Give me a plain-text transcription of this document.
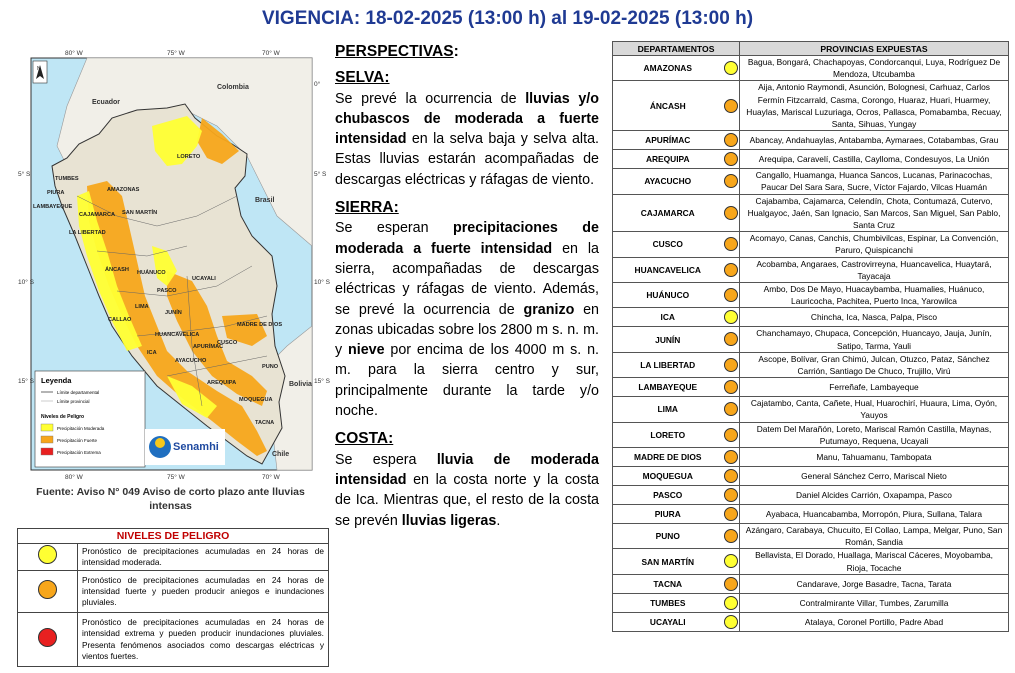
VIGENCIA: 18-02-2025 (13:00 h) al 19-02-2025 (13:00 h)
80° W	75° W	70° W
80° W	75° W	70° W
0°
5° S
10° S
15° S
5° S
10° S
15° S
Ecuador
Colombia
Brasil
Bolivia
Chile
TUMBES
PIURA
LAMBAYEQUE
CAJAMARCA
AMAZONAS
SAN MARTÍN
LORETO
LA LIBERTAD
ÁNCASH HUÁNUCO
UCAYALI
PASCO
LIMA
CALLAO
JUNÍN
HUANCAVELICA
ICA
AYACUCHO
APURÍMAC
CUSCO
MADRE DE DIOS
AREQUIPA
PUNO
MOQUEGUA
TACNA
N
Leyenda
Límite departamental
Límite provincial
Niveles de Peligro
Precipitación Moderada
Precipitación Fuerte
Precipitación Extrema	Senamhi
Fuente: Aviso N° 049 Aviso de corto plazo ante lluvias intensas
NIVELES DE PELIGRO	
	Pronóstico de precipitaciones acumuladas en 24 horas de intensidad moderada.
	Pronóstico de precipitaciones acumuladas en 24 horas de intensidad fuerte y pueden producir aniegos e inundaciones pluviales.
	Pronóstico de precipitaciones acumuladas en 24 horas de intensidad extrema y pueden producir inundaciones pluviales. Presenta fenómenos asociados como descargas eléctricas y vientos fuertes.
PERSPECTIVAS:
SELVA:

Se prevé la ocurrencia de lluvias y/o chubascos de moderada a fuerte intensidad en la selva baja y selva alta. Estas lluvias estarán acompañadas de descargas eléctricas y ráfagas de viento.

SIERRA:

Se esperan precipitaciones de moderada a fuerte intensidad en la sierra, acompañadas de descargas eléctricas y ráfagas de viento. Además, se prevé la ocurrencia de granizo en zonas ubicadas sobre los 2800 m s. n. m. y nieve por encima de los 4000 m s. n. m. para la sierra centro y sur, principalmente durante la tarde y/o noche.

COSTA:

Se espera lluvia de moderada intensidad en la costa norte y la costa de Ica. Mientras que, el resto de la costa se prevén lluvias ligeras.

DEPARTAMENTOS		PROVINCIAS EXPUESTAS
AMAZONAS		Bagua, Bongará, Chachapoyas, Condorcanqui, Luya, Rodríguez De Mendoza, Utcubamba
ÁNCASH		Aija, Antonio Raymondi, Asunción, Bolognesi, Carhuaz, Carlos Fermín Fitzcarrald, Casma, Corongo, Huaraz, Huari, Huarmey, Huaylas, Mariscal Luzuriaga, Ocros, Pallasca, Pomabamba, Recuay, Santa, Sihuas, Yungay
APURÍMAC		Abancay, Andahuaylas, Antabamba, Aymaraes, Cotabambas, Grau
AREQUIPA		Arequipa, Caravelí, Castilla, Caylloma, Condesuyos, La Unión
AYACUCHO		Cangallo, Huamanga, Huanca Sancos, Lucanas, Parinacochas, Paucar Del Sara Sara, Sucre, Víctor Fajardo, Vilcas Huamán
CAJAMARCA		Cajabamba, Cajamarca, Celendín, Chota, Contumazá, Cutervo, Hualgayoc, Jaén, San Ignacio, San Marcos, San Miguel, San Pablo, Santa Cruz
CUSCO		Acomayo, Canas, Canchis, Chumbivilcas, Espinar, La Convención, Paruro, Quispicanchi
HUANCAVELICA		Acobamba, Angaraes, Castrovirreyna, Huancavelica, Huaytará, Tayacaja
HUÁNUCO		Ambo, Dos De Mayo, Huacaybamba, Huamalies, Huánuco, Lauricocha, Pachitea, Puerto Inca, Yarowilca
ICA		Chincha, Ica, Nasca, Palpa, Pisco
JUNÍN		Chanchamayo, Chupaca, Concepción, Huancayo, Jauja, Junín, Satipo, Tarma, Yauli
LA LIBERTAD		Ascope, Bolívar, Gran Chimú, Julcan, Otuzco, Pataz, Sánchez Carrión, Santiago De Chuco, Trujillo, Virú
LAMBAYEQUE		Ferreñafe, Lambayeque
LIMA		Cajatambo, Canta, Cañete, Hual, Huarochirí, Huaura, Lima, Oyón, Yauyos
LORETO		Datem Del Marañón, Loreto, Mariscal Ramón Castilla, Maynas, Putumayo, Requena, Ucayali
MADRE DE DIOS		Manu, Tahuamanu, Tambopata
MOQUEGUA		General Sánchez Cerro, Mariscal Nieto
PASCO		Daniel Alcides Carrión, Oxapampa, Pasco
PIURA		Ayabaca, Huancabamba, Morropón, Piura, Sullana, Talara
PUNO		Azángaro, Carabaya, Chucuito, El Collao, Lampa, Melgar, Puno, San Román, Sandia
SAN MARTÍN		Bellavista, El Dorado, Huallaga, Mariscal Cáceres, Moyobamba, Rioja, Tocache
TACNA		Candarave, Jorge Basadre, Tacna, Tarata
TUMBES		Contralmirante Villar, Tumbes, Zarumilla
UCAYALI		Atalaya, Coronel Portillo, Padre Abad
